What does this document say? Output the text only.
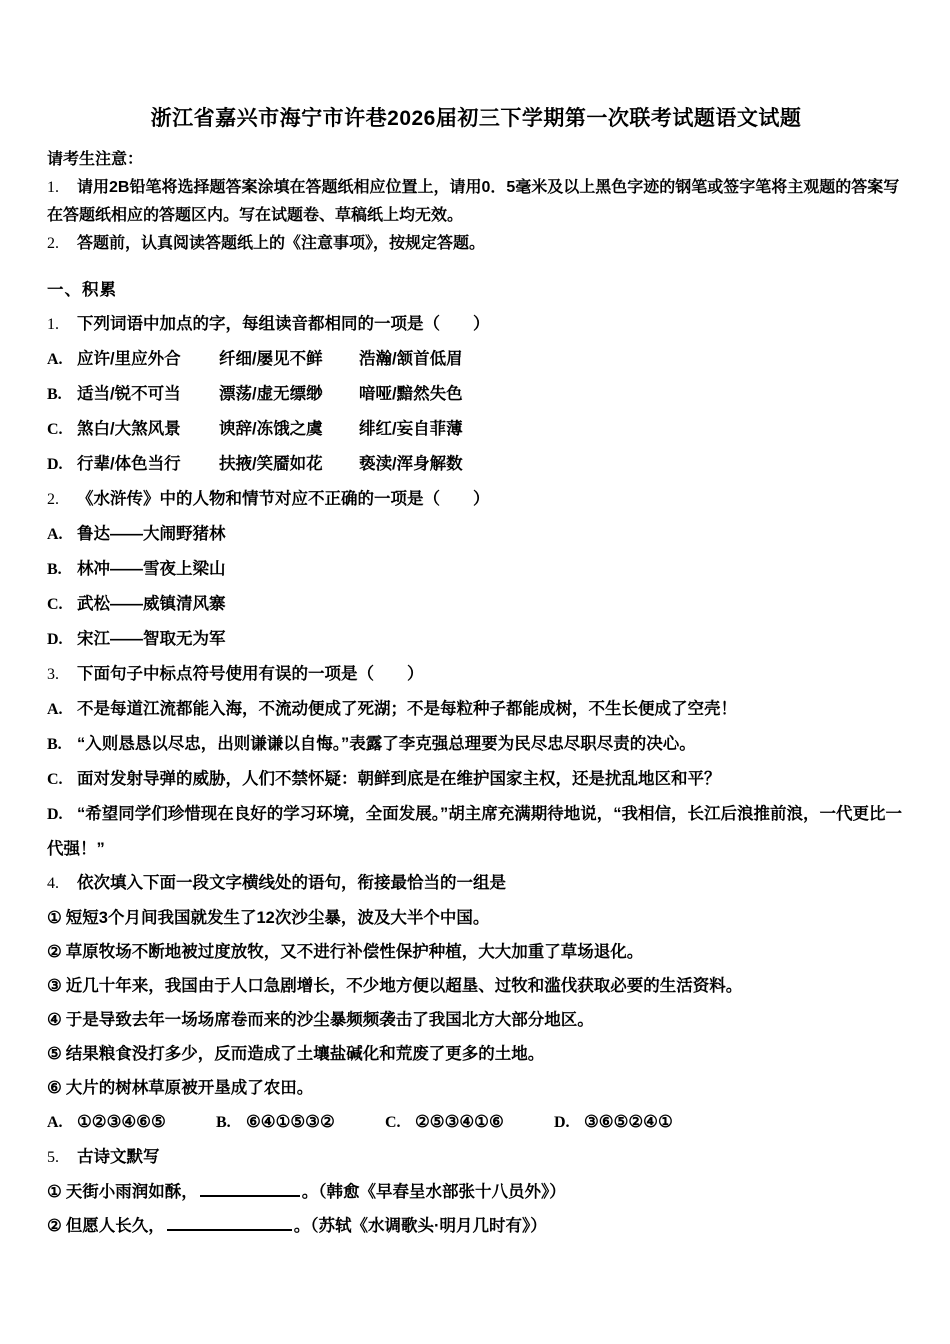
浙江省嘉兴市海宁市许巷2026届初三下学期第一次联考试题语文试题

请考生注意：

1. 请用2B铅笔将选择题答案涂填在答题纸相应位置上，请用0．5毫米及以上黑色字迹的钢笔或签字笔将主观题的答案写在答题纸相应的答题区内。写在试题卷、草稿纸上均无效。

2. 答题前，认真阅读答题纸上的《注意事项》，按规定答题。

一、积累

1. 下列词语中加点的字，每组读音都相同的一项是（　　）

A. 应许/里应外合 纤细/屡见不鲜 浩瀚/颔首低眉

B. 适当/锐不可当 漂荡/虚无缥缈 喑哑/黯然失色

C. 煞白/大煞风景 谀辞/冻饿之虞 绯红/妄自菲薄

D. 行辈/体色当行 扶掖/笑靥如花 亵渎/浑身解数

2. 《水浒传》中的人物和情节对应不正确的一项是（　　）

A. 鲁达——大闹野猪林

B. 林冲——雪夜上梁山

C. 武松——威镇清风寨

D. 宋江——智取无为军

3. 下面句子中标点符号使用有误的一项是（　　）

A. 不是每道江流都能入海，不流动便成了死湖；不是每粒种子都能成树，不生长便成了空壳！

B. “入则恳恳以尽忠，出则谦谦以自悔。”表露了李克强总理要为民尽忠尽职尽责的决心。

C. 面对发射导弹的威胁，人们不禁怀疑：朝鲜到底是在维护国家主权，还是扰乱地区和平？

D. “希望同学们珍惜现在良好的学习环境，全面发展。”胡主席充满期待地说，“我相信，长江后浪推前浪，一代更比一代强！”

4. 依次填入下面一段文字横线处的语句，衔接最恰当的一组是

① 短短3个月间我国就发生了12次沙尘暴，波及大半个中国。

② 草原牧场不断地被过度放牧，又不进行补偿性保护种植，大大加重了草场退化。

③ 近几十年来，我国由于人口急剧增长，不少地方便以超垦、过牧和滥伐获取必要的生活资料。

④ 于是导致去年一场场席卷而来的沙尘暴频频袭击了我国北方大部分地区。

⑤ 结果粮食没打多少，反而造成了土壤盐碱化和荒废了更多的土地。

⑥ 大片的树林草原被开垦成了农田。

A. ①②③④⑥⑤	B. ⑥④①⑤③②	C. ②⑤③④①⑥	D. ③⑥⑤②④①

5. 古诗文默写

① 天街小雨润如酥，	。（韩愈《早春呈水部张十八员外》）

② 但愿人长久，	。（苏轼《水调歌头·明月几时有》）
